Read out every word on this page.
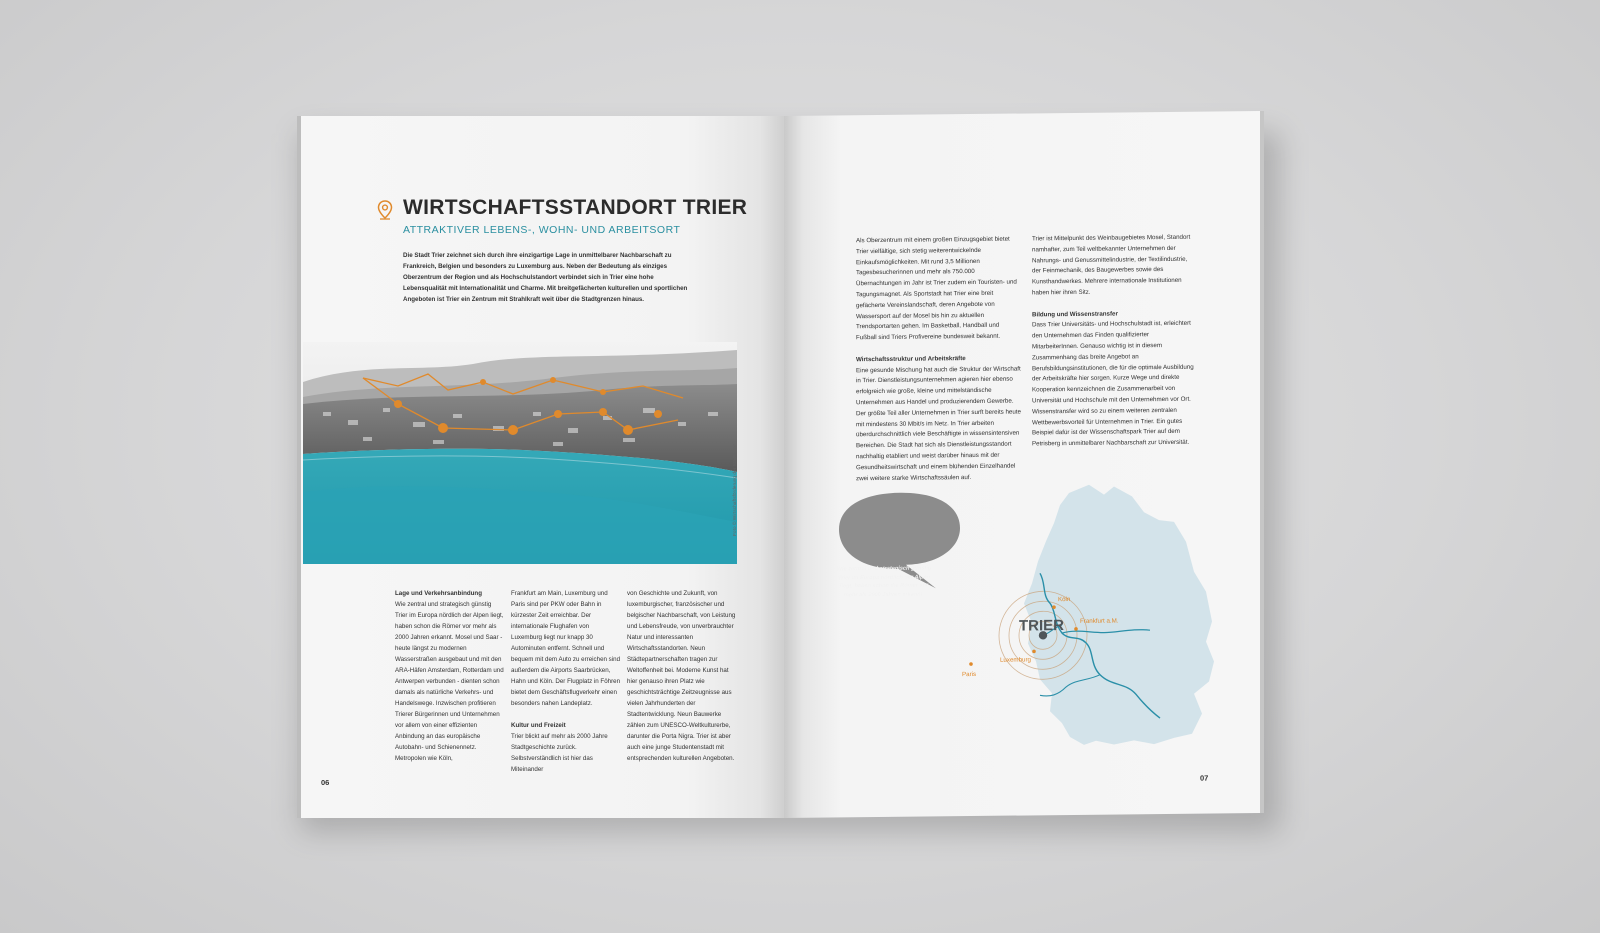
WIRTSCHAFTSSTANDORT TRIER
ATTRAKTIVER LEBENS-, WOHN- UND ARBEITSORT
Die Stadt Trier zeichnet sich durch ihre einzigartige Lage in unmittelbarer Nachbarschaft zu Frankreich, Belgien und besonders zu Luxemburg aus. Neben der Bedeutung als einziges Oberzentrum der Region und als Hochschulstandort verbindet sich in Trier eine hohe Lebensqualität mit Internationalität und Charme. Mit breitgefächerten kulturellen und sportlichen Angeboten ist Trier ein Zentrum mit Strahlkraft weit über die Stadtgrenzen hinaus.
Foto © Wirtschaftsförderung der Stadt Trier
Lage und Verkehrsanbindung

Wie zentral und strategisch günstig Trier im Europa nördlich der Alpen liegt, haben schon die Römer vor mehr als 2000 Jahren erkannt. Mosel und Saar - heute längst zu modernen Wasserstraßen ausgebaut und mit den ARA-Häfen Amsterdam, Rotterdam und Antwerpen verbunden - dienten schon damals als natürliche Verkehrs- und Handelswege. Inzwischen profitieren Trierer Bürgerinnen und Unternehmen vor allem von einer effizienten Anbindung an das europäische Autobahn- und Schienennetz. Metropolen wie Köln,

Frankfurt am Main, Luxemburg und Paris sind per PKW oder Bahn in kürzester Zeit erreichbar. Der internationale Flughafen von Luxemburg liegt nur knapp 30 Autominuten entfernt. Schnell und bequem mit dem Auto zu erreichen sind außerdem die Airports Saarbrücken, Hahn und Köln. Der Flugplatz in Föhren bietet dem Geschäftsflugverkehr einen besonders nahen Landeplatz.

Kultur und Freizeit

Trier blickt auf mehr als 2000 Jahre Stadtgeschichte zurück. Selbstverständlich ist hier das Miteinander

von Geschichte und Zukunft, von luxemburgischer, französischer und belgischer Nachbarschaft, von Leistung und Lebensfreude, von unverbrauchter Natur und interessanten Wirtschaftsstandorten. Neun Städtepartnerschaften tragen zur Weltoffenheit bei. Moderne Kunst hat hier genauso ihren Platz wie geschichtsträchtige Zeitzeugnisse aus vielen Jahrhunderten der Stadtentwicklung. Neun Bauwerke zählen zum UNESCO-Weltkulturerbe, darunter die Porta Nigra. Trier ist aber auch eine junge Studentenstadt mit entsprechenden kulturellen Angeboten.

06

Als Oberzentrum mit einem großen Einzugsgebiet bietet Trier vielfältige, sich stetig weiterentwickelnde Einkaufsmöglichkeiten. Mit rund 3,5 Millionen Tagesbesucherinnen und mehr als 750.000 Übernachtungen im Jahr ist Trier zudem ein Touristen- und Tagungsmagnet. Als Sportstadt hat Trier eine breit gefächerte Vereinslandschaft, deren Angebote von Wassersport auf der Mosel bis hin zu aktuellen Trendsportarten gehen. Im Basketball, Handball und Fußball sind Triers Profivereine bundesweit bekannt.

Wirtschaftsstruktur und Arbeitskräfte

Eine gesunde Mischung hat auch die Struktur der Wirtschaft in Trier. Dienstleistungsunternehmen agieren hier ebenso erfolgreich wie große, kleine und mittelständische Unternehmen aus Handel und produzierendem Gewerbe. Der größte Teil aller Unternehmen in Trier surft bereits heute mit mindestens 30 Mbit/s im Netz. In Trier arbeiten überdurchschnittlich viele Beschäftigte in wissensintensiven Bereichen. Die Stadt hat sich als Dienstleistungsstandort nachhaltig etabliert und weist darüber hinaus mit der Gesundheitswirtschaft und einem blühenden Einzelhandel zwei weitere starke Wirtschaftssäulen auf.

Trier ist Mittelpunkt des Weinbaugebietes Mosel, Standort namhafter, zum Teil weltbekannter Unternehmen der Nahrungs- und Genussmittelindustrie, der Textilindustrie, der Feinmechanik, des Baugewerbes sowie des Kunsthandwerkes. Mehrere internationale Institutionen haben hier ihren Sitz.

Bildung und Wissenstransfer

Dass Trier Universitäts- und Hochschulstadt ist, erleichtert den Unternehmen das Finden qualifizierter MitarbeiterInnen. Genauso wichtig ist in diesem Zusammenhang das breite Angebot an Berufsbildungsinstitutionen, die für die optimale Ausbildung der Arbeitskräfte hier sorgen. Kurze Wege und direkte Kooperation kennzeichnen die Zusammenarbeit von Universität und Hochschule mit den Unternehmen vor Ort. Wissenstransfer wird so zu einem weiteren zentralen Wettbewerbsvorteil für Unternehmen in Trier. Ein gutes Beispiel dafür ist der Wissenschaftspark Trier auf dem Petrisberg in unmittelbarer Nachbarschaft zur Universität.

TRIER
Köln
Frankfurt a.M.
Luxemburg
Paris
Wie zentral und strategisch günstig Trier im Europa nördlich der Alpen liegt, haben schon die Römer vor mehr als 2000 Jahren erkannt.
07
